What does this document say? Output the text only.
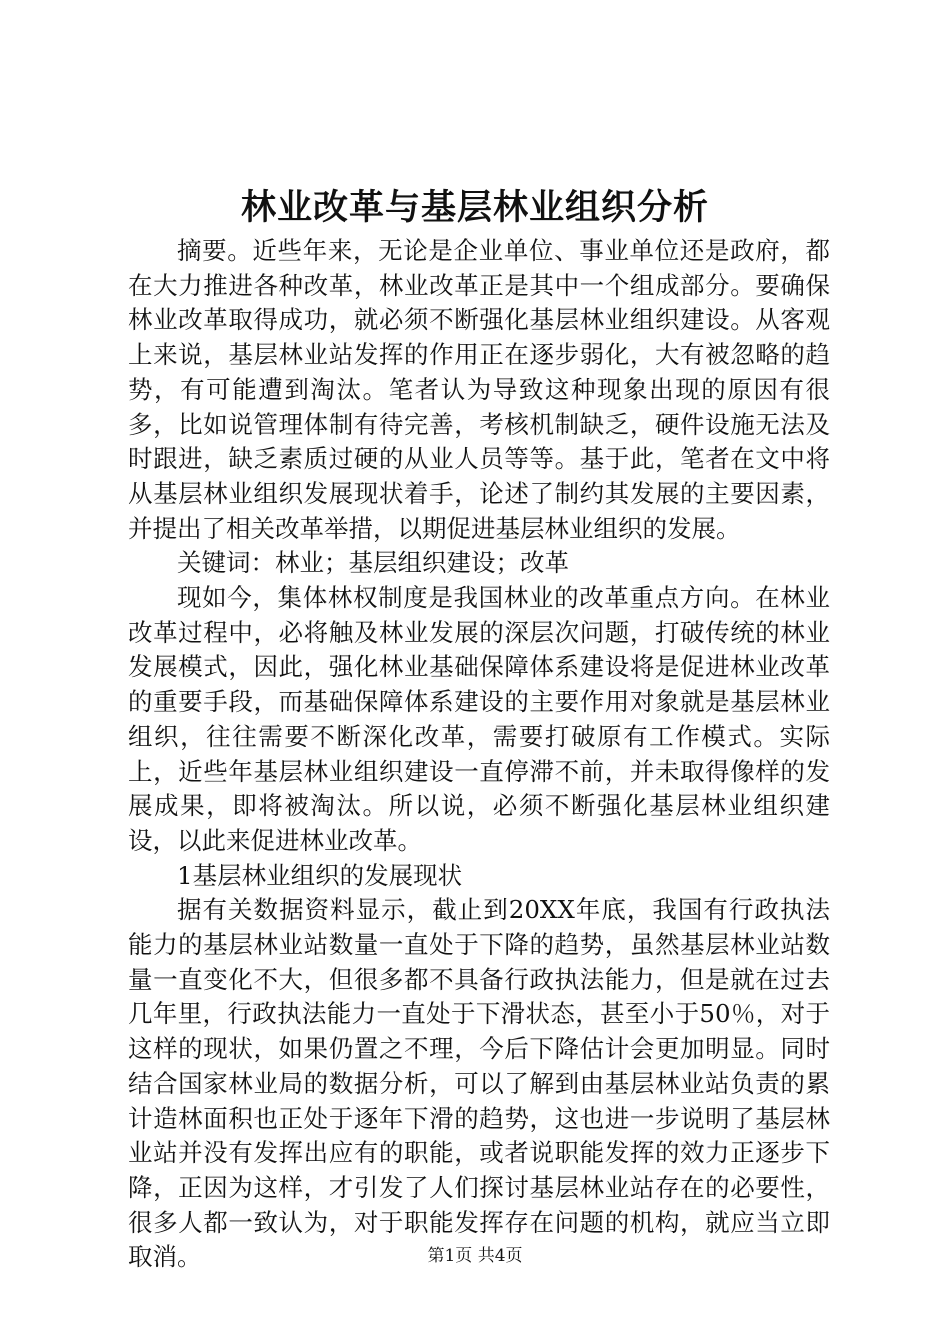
林业改革与基层林业组织分析

摘要。近些年来，无论是企业单位、事业单位还是政府，都在大力推进各种改革，林业改革正是其中一个组成部分。要确保林业改革取得成功，就必须不断强化基层林业组织建设。从客观上来说，基层林业站发挥的作用正在逐步弱化，大有被忽略的趋势，有可能遭到淘汰。笔者认为导致这种现象出现的原因有很多，比如说管理体制有待完善，考核机制缺乏，硬件设施无法及时跟进，缺乏素质过硬的从业人员等等。基于此，笔者在文中将从基层林业组织发展现状着手，论述了制约其发展的主要因素，并提出了相关改革举措，以期促进基层林业组织的发展。

关键词：林业；基层组织建设；改革

现如今，集体林权制度是我国林业的改革重点方向。在林业改革过程中，必将触及林业发展的深层次问题，打破传统的林业发展模式，因此，强化林业基础保障体系建设将是促进林业改革的重要手段，而基础保障体系建设的主要作用对象就是基层林业组织，往往需要不断深化改革，需要打破原有工作模式。实际上，近些年基层林业组织建设一直停滞不前，并未取得像样的发展成果，即将被淘汰。所以说，必须不断强化基层林业组织建设，以此来促进林业改革。

1基层林业组织的发展现状

据有关数据资料显示，截止到20XX年底，我国有行政执法能力的基层林业站数量一直处于下降的趋势，虽然基层林业站数量一直变化不大，但很多都不具备行政执法能力，但是就在过去几年里，行政执法能力一直处于下滑状态，甚至小于50％，对于这样的现状，如果仍置之不理，今后下降估计会更加明显。同时结合国家林业局的数据分析，可以了解到由基层林业站负责的累计造林面积也正处于逐年下滑的趋势，这也进一步说明了基层林业站并没有发挥出应有的职能，或者说职能发挥的效力正逐步下降，正因为这样，才引发了人们探讨基层林业站存在的必要性，很多人都一致认为，对于职能发挥存在问题的机构，就应当立即取消。	第1页 共4页
